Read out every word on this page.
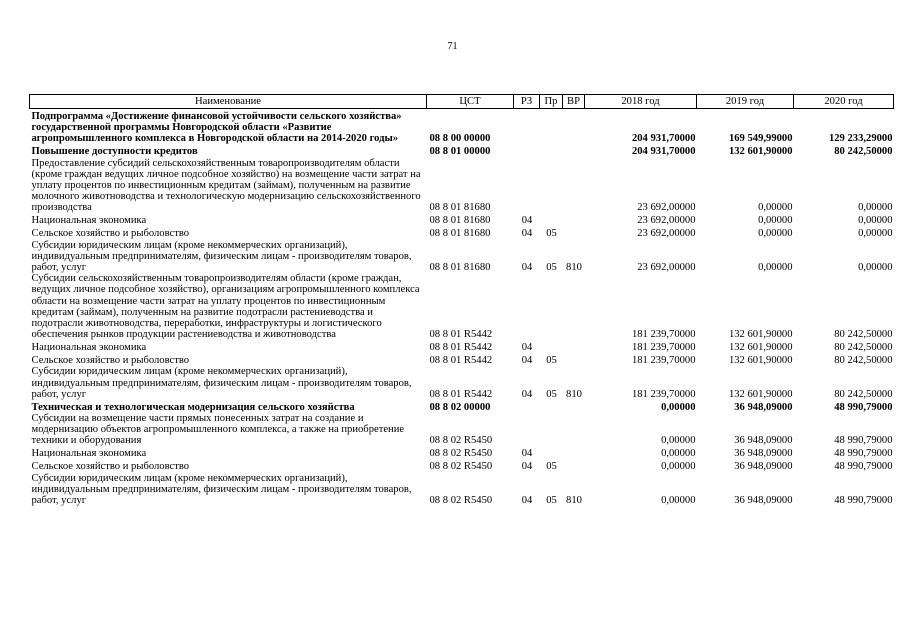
71
Наименование	ЦСТ	РЗ	Пр	ВР	2018 год	2019 год	2020 год
Подпрограмма «Достижение финансовой устойчивости сельского хозяйства» государственной программы Новгородской области «Развитие агропромышленного комплекса в Новгородской области на 2014-2020 годы»	08 8 00 00000				204 931,70000	169 549,99000	129 233,29000
Повышение доступности кредитов	08 8 01 00000				204 931,70000	132 601,90000	80 242,50000
Предоставление субсидий сельскохозяйственным товаропроизводителям области (кроме граждан ведущих личное подсобное хозяйство) на возмещение части затрат на уплату процентов по инвестиционным кредитам (займам), полученным на развитие молочного животноводства и технологическую модернизацию сельскохозяйственного производства	08 8 01 81680				23 692,00000	0,00000	0,00000
Национальная экономика	08 8 01 81680	04			23 692,00000	0,00000	0,00000
Сельское хозяйство и рыболовство	08 8 01 81680	04	05		23 692,00000	0,00000	0,00000
Субсидии юридическим лицам (кроме некоммерческих организаций), индивидуальным предпринимателям, физическим лицам - производителям товаров, работ, услуг	08 8 01 81680	04	05	810	23 692,00000	0,00000	0,00000
Субсидии сельскохозяйственным товаропроизводителям области (кроме граждан, ведущих личное подсобное хозяйство), организациям агропромышленного комплекса области на возмещение части затрат на уплату процентов по инвестиционным кредитам (займам), полученным на развитие подотрасли растениеводства и подотрасли животноводства, переработки, инфраструктуры и логистического обеспечения рынков продукции растениеводства и животноводства	08 8 01 R5442				181 239,70000	132 601,90000	80 242,50000
Национальная экономика	08 8 01 R5442	04			181 239,70000	132 601,90000	80 242,50000
Сельское хозяйство и рыболовство	08 8 01 R5442	04	05		181 239,70000	132 601,90000	80 242,50000
Субсидии юридическим лицам (кроме некоммерческих организаций), индивидуальным предпринимателям, физическим лицам - производителям товаров, работ, услуг	08 8 01 R5442	04	05	810	181 239,70000	132 601,90000	80 242,50000
Техническая и технологическая модернизация сельского хозяйства	08 8 02 00000				0,00000	36 948,09000	48 990,79000
Субсидии на возмещение части прямых понесенных затрат на создание и модернизацию объектов агропромышленного комплекса, а также на приобретение техники и оборудования	08 8 02 R5450				0,00000	36 948,09000	48 990,79000
Национальная экономика	08 8 02 R5450	04			0,00000	36 948,09000	48 990,79000
Сельское хозяйство и рыболовство	08 8 02 R5450	04	05		0,00000	36 948,09000	48 990,79000
Субсидии юридическим лицам (кроме некоммерческих организаций), индивидуальным предпринимателям, физическим лицам - производителям товаров, работ, услуг	08 8 02 R5450	04	05	810	0,00000	36 948,09000	48 990,79000
